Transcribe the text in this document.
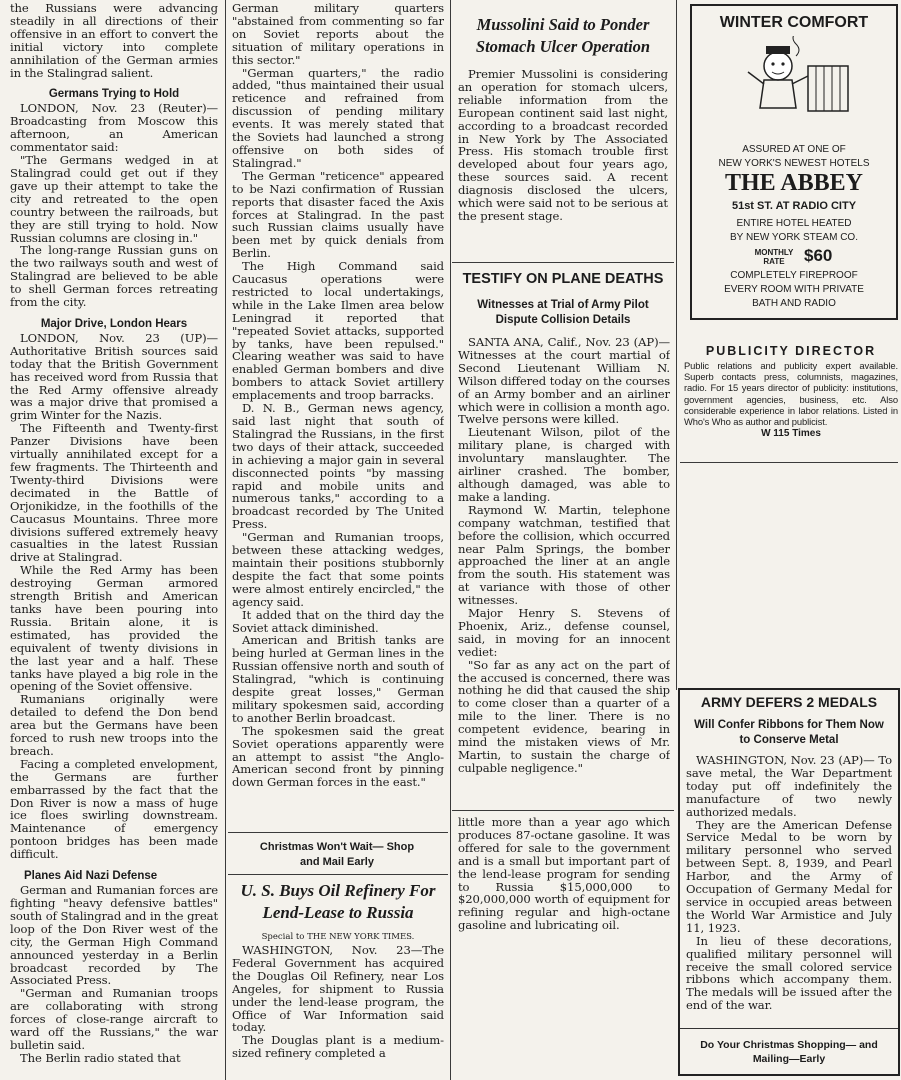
the Russians were advancing steadily in all directions of their offensive in an effort to convert the initial victory into complete annihilation of the German armies in the Stalingrad salient.

Germans Trying to Hold

LONDON, Nov. 23 (Reuter)— Broadcasting from Moscow this afternoon, an American commentator said:

"The Germans wedged in at Stalingrad could get out if they gave up their attempt to take the city and retreated to the open country between the railroads, but they are still trying to hold. Now Russian columns are closing in."

The long-range Russian guns on the two railways south and west of Stalingrad are believed to be able to shell German forces retreating from the city.

Major Drive, London Hears

LONDON, Nov. 23 (UP)—Authoritative British sources said today that the British Government has received word from Russia that the Red Army offensive already was a major drive that promised a grim Winter for the Nazis.

The Fifteenth and Twenty-first Panzer Divisions have been virtually annihilated except for a few fragments. The Thirteenth and Twenty-third Divisions were decimated in the Battle of Orjonikidze, in the foothills of the Caucasus Mountains. Three more divisions suffered extremely heavy casualties in the latest Russian drive at Stalingrad.

While the Red Army has been destroying German armored strength British and American tanks have been pouring into Russia. Britain alone, it is estimated, has provided the equivalent of twenty divisions in the last year and a half. These tanks have played a big role in the opening of the Soviet offensive.

Rumanians originally were detailed to defend the Don bend area but the Germans have been forced to rush new troops into the breach.

Facing a completed envelopment, the Germans are further embarrassed by the fact that the Don River is now a mass of huge ice floes swirling downstream. Maintenance of emergency pontoon bridges has been made difficult.

Planes Aid Nazi Defense

German and Rumanian forces are fighting "heavy defensive battles" south of Stalingrad and in the great loop of the Don River west of the city, the German High Command announced yesterday in a Berlin broadcast recorded by The Associated Press.

"German and Rumanian troops are collaborating with strong forces of close-range aircraft to ward off the Russians," the war bulletin said.

The Berlin radio stated that

German military quarters "abstained from commenting so far on Soviet reports about the situation of military operations in this sector."

"German quarters," the radio added, "thus maintained their usual reticence and refrained from discussion of pending military events. It was merely stated that the Soviets had launched a strong offensive on both sides of Stalingrad."

The German "reticence" appeared to be Nazi confirmation of Russian reports that disaster faced the Axis forces at Stalingrad. In the past such Russian claims usually have been met by quick denials from Berlin.

The High Command said Caucasus operations were restricted to local undertakings, while in the Lake Ilmen area below Leningrad it reported that "repeated Soviet attacks, supported by tanks, have been repulsed." Clearing weather was said to have enabled German bombers and dive bombers to attack Soviet artillery emplacements and troop barracks.

D. N. B., German news agency, said last night that south of Stalingrad the Russians, in the first two days of their attack, succeeded in achieving a major gain in several disconnected points "by massing rapid and mobile units and numerous tanks," according to a broadcast recorded by The United Press.

"German and Rumanian troops, between these attacking wedges, maintain their positions stubbornly despite the fact that some points were almost entirely encircled," the agency said.

It added that on the third day the Soviet attack diminished.

American and British tanks are being hurled at German lines in the Russian offensive north and south of Stalingrad, "which is continuing despite great losses," German military spokesmen said, according to another Berlin broadcast.

The spokesmen said the great Soviet operations apparently were an attempt to assist "the Anglo-American second front by pinning down German forces in the east."

Christmas Won't Wait— Shop and Mail Early
U. S. Buys Oil Refinery For Lend-Lease to Russia
Special to THE NEW YORK TIMES.

WASHINGTON, Nov. 23—The Federal Government has acquired the Douglas Oil Refinery, near Los Angeles, for shipment to Russia under the lend-lease program, the Office of War Information said today.

The Douglas plant is a medium-sized refinery completed a

Mussolini Said to Ponder Stomach Ulcer Operation

Premier Mussolini is considering an operation for stomach ulcers, reliable information from the European continent said last night, according to a broadcast recorded in New York by The Associated Press. His stomach trouble first developed about four years ago, these sources said. A recent diagnosis disclosed the ulcers, which were said not to be serious at the present stage.

TESTIFY ON PLANE DEATHS
Witnesses at Trial of Army Pilot Dispute Collision Details

SANTA ANA, Calif., Nov. 23 (AP)—Witnesses at the court martial of Second Lieutenant William N. Wilson differed today on the courses of an Army bomber and an airliner which were in collision a month ago. Twelve persons were killed.

Lieutenant Wilson, pilot of the military plane, is charged with involuntary manslaughter. The airliner crashed. The bomber, although damaged, was able to make a landing.

Raymond W. Martin, telephone company watchman, testified that before the collision, which occurred near Palm Springs, the bomber approached the liner at an angle from the south. His statement was at variance with those of other witnesses.

Major Henry S. Stevens of Phoenix, Ariz., defense counsel, said, in moving for an innocent vediet:

"So far as any act on the part of the accused is concerned, there was nothing he did that caused the ship to come closer than a quarter of a mile to the liner. There is no competent evidence, bearing in mind the mistaken views of Mr. Martin, to sustain the charge of culpable negligence."

little more than a year ago which produces 87-octane gasoline. It was offered for sale to the government and is a small but important part of the lend-lease program for sending to Russia $15,000,000 to $20,000,000 worth of equipment for refining regular and high-octane gasoline and lubricating oil.

WINTER COMFORT
ASSURED AT ONE OF
NEW YORK'S NEWEST HOTELS
THE ABBEY
51st ST. AT RADIO CITY
ENTIRE HOTEL HEATED
BY NEW YORK STEAM CO.
MONTHLY RATE	$60
COMPLETELY FIREPROOF
EVERY ROOM WITH PRIVATE
BATH AND RADIO
PUBLICITY DIRECTOR

Public relations and publicity expert available. Superb contacts press, columnists, magazines, radio. For 15 years director of publicity: institutions, government agencies, business, etc. Also considerable experience in labor relations. Listed in Who's Who as author and publicist.

W 115 Times
ARMY DEFERS 2 MEDALS
Will Confer Ribbons for Them Now to Conserve Metal

WASHINGTON, Nov. 23 (AP)— To save metal, the War Department today put off indefinitely the manufacture of two newly authorized medals.

They are the American Defense Service Medal to be worn by military personnel who served between Sept. 8, 1939, and Pearl Harbor, and the Army of Occupation of Germany Medal for service in occupied areas between the World War Armistice and July 11, 1923.

In lieu of these decorations, qualified military personnel will receive the small colored service ribbons which accompany them. The medals will be issued after the end of the war.

Do Your Christmas Shopping— and Mailing—Early
